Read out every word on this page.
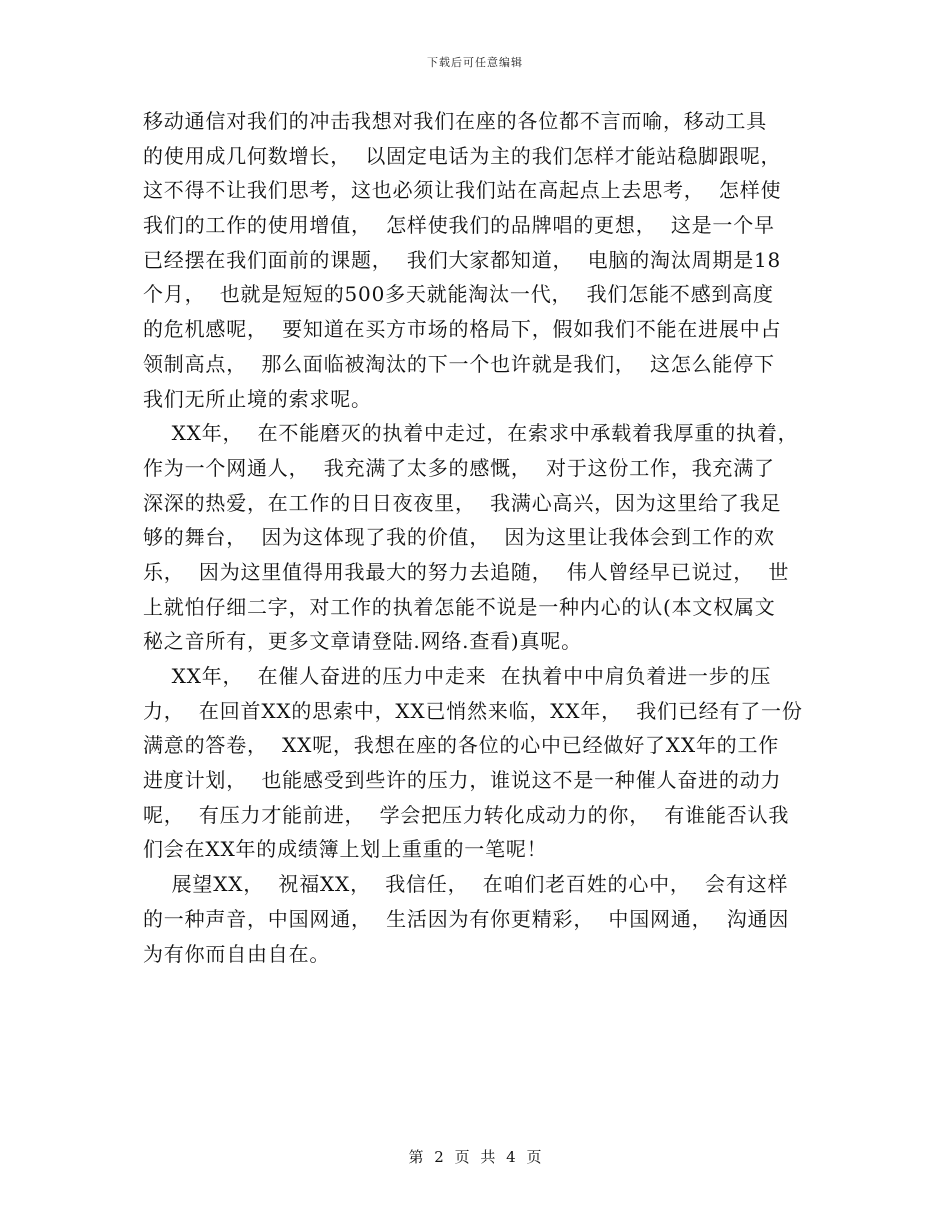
下载后可任意编辑
移动通信对我们的冲击我想对我们在座的各位都不言而喻，移动工具
的使用成几何数增长，  以固定电话为主的我们怎样才能站稳脚跟呢，
这不得不让我们思考，这也必须让我们站在高起点上去思考，  怎样使
我们的工作的使用增值，  怎样使我们的品牌唱的更想，  这是一个早
已经摆在我们面前的课题，  我们大家都知道，  电脑的淘汰周期是18
个月，  也就是短短的500多天就能淘汰一代，  我们怎能不感到高度
的危机感呢，  要知道在买方市场的格局下，假如我们不能在进展中占
领制高点，  那么面临被淘汰的下一个也许就是我们，  这怎么能停下
我们无所止境的索求呢。
XX年，  在不能磨灭的执着中走过，在索求中承载着我厚重的执着，
作为一个网通人，  我充满了太多的感慨，  对于这份工作，我充满了
深深的热爱，在工作的日日夜夜里，  我满心高兴，因为这里给了我足
够的舞台，  因为这体现了我的价值，  因为这里让我体会到工作的欢
乐，  因为这里值得用我最大的努力去追随，  伟人曾经早已说过，  世
上就怕仔细二字，对工作的执着怎能不说是一种内心的认(本文权属文
秘之音所有，更多文章请登陆.网络.查看)真呢。
XX年，  在催人奋进的压力中走来  在执着中中肩负着进一步的压
力，  在回首XX的思索中，XX已悄然来临，XX年，  我们已经有了一份
满意的答卷，  XX呢，我想在座的各位的心中已经做好了XX年的工作
进度计划，  也能感受到些许的压力，谁说这不是一种催人奋进的动力
呢，  有压力才能前进，  学会把压力转化成动力的你，  有谁能否认我
们会在XX年的成绩簿上划上重重的一笔呢！
展望XX，  祝福XX，  我信任，  在咱们老百姓的心中，  会有这样
的一种声音，中国网通，  生活因为有你更精彩，  中国网通，  沟通因
为有你而自由自在。
第 2 页 共 4 页
